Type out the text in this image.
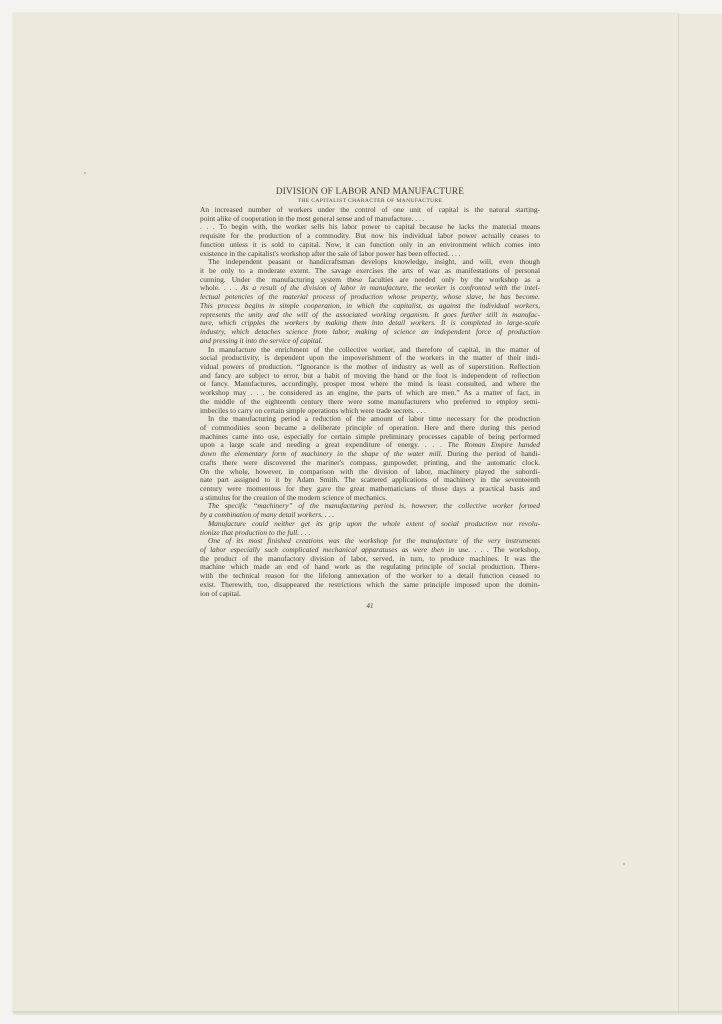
DIVISION OF LABOR AND MANUFACTURE
THE CAPITALIST CHARACTER OF MANUFACTURE
An increased number of workers under the control of one unit of capital is the natural starting-
point alike of cooperation in the most general sense and of manufacture. . . .
. . . To begin with, the worker sells his labor power to capital because he lacks the material means
requisite for the production of a commodity. But now his individual labor power actually ceases to
function unless it is sold to capital. Now, it can function only in an environment which comes into
existence in the capitalist's workshop after the sale of labor power has been effected. . . .
The independent peasant or handicraftsman develops knowledge, insight, and will, even though
it be only to a moderate extent. The savage exercises the arts of war as manifestations of personal
cunning. Under the manufacturing system these faculties are needed only by the workshop as a
whole. . . . As a result of the division of labor in manufacture, the worker is confronted with the intel-
lectual potencies of the material process of production whose property, whose slave, he has become.
This process begins in simple cooperation, in which the capitalist, as against the individual workers,
represents the unity and the will of the associated working organism. It goes further still in manufac-
ture, which cripples the workers by making them into detail workers. It is completed in large-scale
industry, which detaches science from labor, making of science an independent force of production
and pressing it into the service of capital.
In manufacture the enrichment of the collective worker, and therefore of capital, in the matter of
social productivity, is dependent upon the impoverishment of the workers in the matter of their indi-
vidual powers of production. “Ignorance is the mother of industry as well as of superstition. Reflection
and fancy are subject to error, but a habit of moving the hand or the foot is independent of reflection
or fancy. Manufactures, accordingly, prosper most where the mind is least consulted, and where the
workshop may . . . be considered as an engine, the parts of which are men.” As a matter of fact, in
the middle of the eighteenth century there were some manufacturers who preferred to employ semi-
imbeciles to carry on certain simple operations which were trade secrets. . . .
In the manufacturing period a reduction of the amount of labor time necessary for the production
of commodities soon became a deliberate principle of operation. Here and there during this period
machines came into use, especially for certain simple preliminary processes capable of being performed
upon a large scale and needing a great expenditure of energy. . . . The Roman Empire handed
down the elementary form of machinery in the shape of the water mill. During the period of handi-
crafts there were discovered the mariner's compass, gunpowder, printing, and the automatic clock.
On the whole, however, in comparison with the division of labor, machinery played the subordi-
nate part assigned to it by Adam Smith. The scattered applications of machinery in the seventeenth
century were momentous for they gave the great mathematicians of those days a practical basis and
a stimulus for the creation of the modern science of mechanics.
The specific “machinery” of the manufacturing period is, however, the collective worker formed
by a combination of many detail workers. . . .
Manufacture could neither get its grip upon the whole extent of social production nor revolu-
tionize that production to the full. . . .
One of its most finished creations was the workshop for the manufacture of the very instruments
of labor especially such complicated mechanical apparatuses as were then in use. . . . The workshop,
the product of the manufactory division of labor, served, in turn, to produce machines. It was the
machine which made an end of hand work as the regulating principle of social production. There-
with the technical reason for the lifelong annexation of the worker to a detail function ceased to
exist. Therewith, too, disappeared the restrictions which the same principle imposed upon the domin-
ion of capital.
41
